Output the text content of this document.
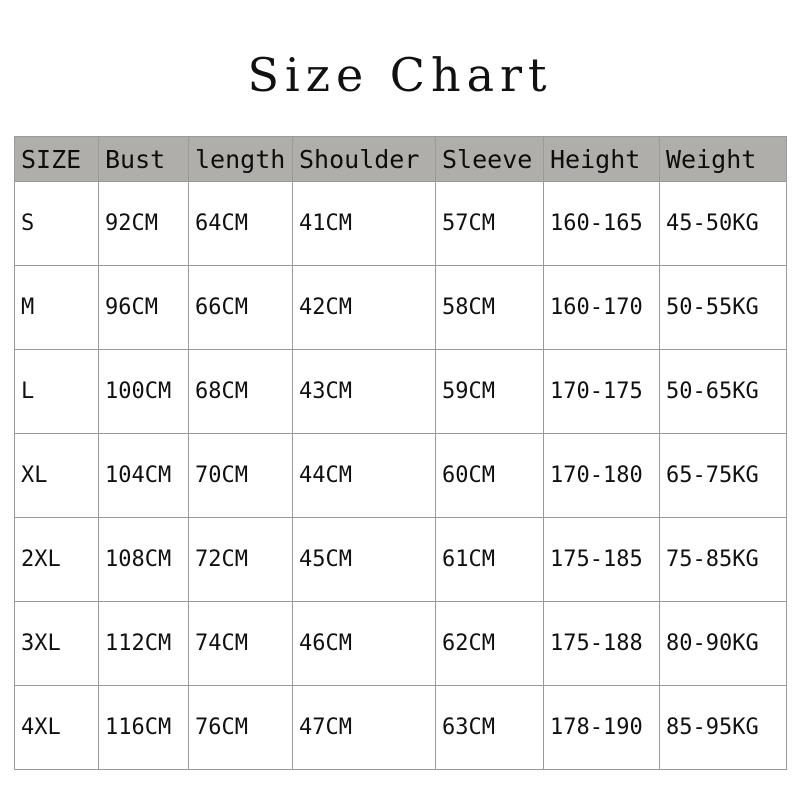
Size Chart
SIZE	Bust	length	Shoulder	Sleeve	Height	Weight
S	92CM	64CM	41CM	57CM	160-165	45-50KG
M	96CM	66CM	42CM	58CM	160-170	50-55KG
L	100CM	68CM	43CM	59CM	170-175	50-65KG
XL	104CM	70CM	44CM	60CM	170-180	65-75KG
2XL	108CM	72CM	45CM	61CM	175-185	75-85KG
3XL	112CM	74CM	46CM	62CM	175-188	80-90KG
4XL	116CM	76CM	47CM	63CM	178-190	85-95KG
